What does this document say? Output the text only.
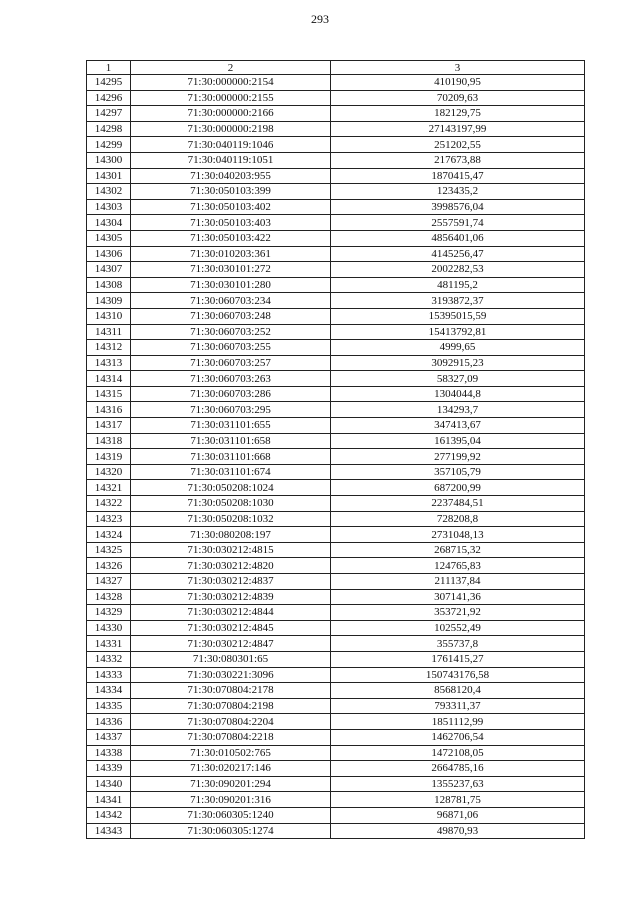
293
1	2	3
14295	71:30:000000:2154	410190,95
14296	71:30:000000:2155	70209,63
14297	71:30:000000:2166	182129,75
14298	71:30:000000:2198	27143197,99
14299	71:30:040119:1046	251202,55
14300	71:30:040119:1051	217673,88
14301	71:30:040203:955	1870415,47
14302	71:30:050103:399	123435,2
14303	71:30:050103:402	3998576,04
14304	71:30:050103:403	2557591,74
14305	71:30:050103:422	4856401,06
14306	71:30:010203:361	4145256,47
14307	71:30:030101:272	2002282,53
14308	71:30:030101:280	481195,2
14309	71:30:060703:234	3193872,37
14310	71:30:060703:248	15395015,59
14311	71:30:060703:252	15413792,81
14312	71:30:060703:255	4999,65
14313	71:30:060703:257	3092915,23
14314	71:30:060703:263	58327,09
14315	71:30:060703:286	1304044,8
14316	71:30:060703:295	134293,7
14317	71:30:031101:655	347413,67
14318	71:30:031101:658	161395,04
14319	71:30:031101:668	277199,92
14320	71:30:031101:674	357105,79
14321	71:30:050208:1024	687200,99
14322	71:30:050208:1030	2237484,51
14323	71:30:050208:1032	728208,8
14324	71:30:080208:197	2731048,13
14325	71:30:030212:4815	268715,32
14326	71:30:030212:4820	124765,83
14327	71:30:030212:4837	211137,84
14328	71:30:030212:4839	307141,36
14329	71:30:030212:4844	353721,92
14330	71:30:030212:4845	102552,49
14331	71:30:030212:4847	355737,8
14332	71:30:080301:65	1761415,27
14333	71:30:030221:3096	150743176,58
14334	71:30:070804:2178	8568120,4
14335	71:30:070804:2198	793311,37
14336	71:30:070804:2204	1851112,99
14337	71:30:070804:2218	1462706,54
14338	71:30:010502:765	1472108,05
14339	71:30:020217:146	2664785,16
14340	71:30:090201:294	1355237,63
14341	71:30:090201:316	128781,75
14342	71:30:060305:1240	96871,06
14343	71:30:060305:1274	49870,93
